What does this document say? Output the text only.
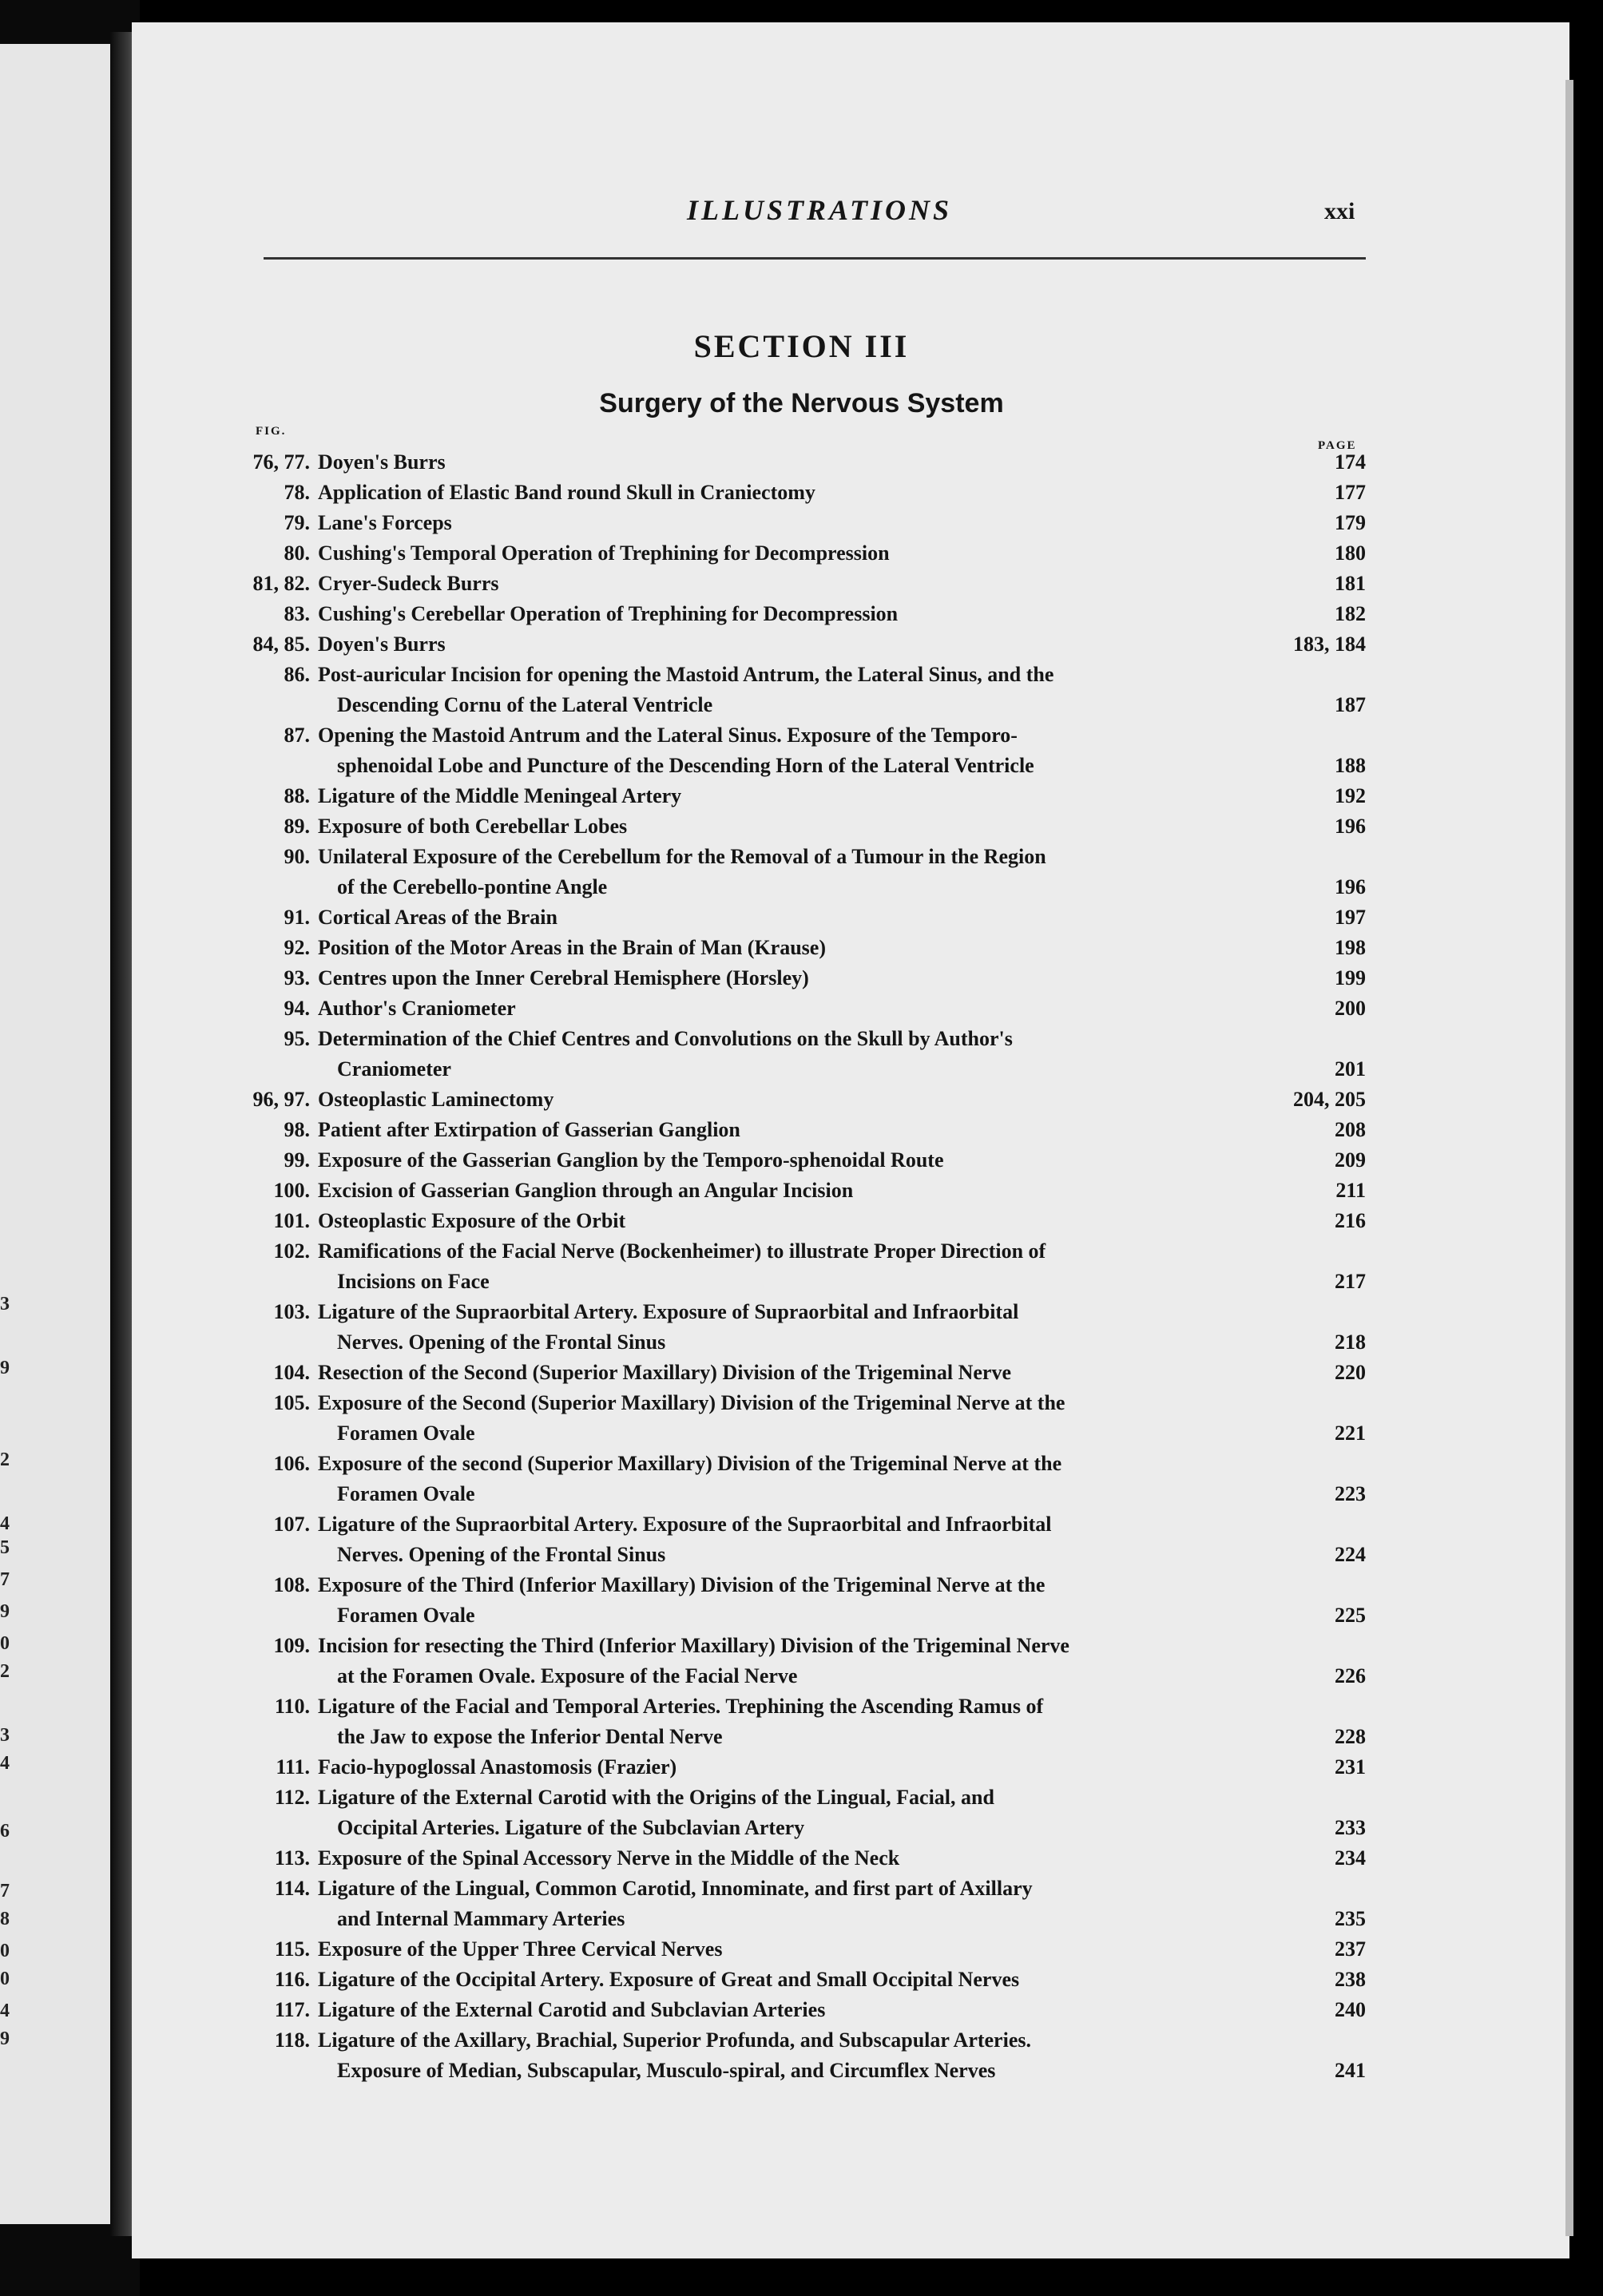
3
9
2
4
5
7
9
0
2
3
4
6
7
8
0
0
4
9
ILLUSTRATIONS	xxi
SECTION III
Surgery of the Nervous System
FIG.
PAGE
76, 77. Doyen's Burrs	174
78. Application of Elastic Band round Skull in Craniectomy	177
79. Lane's Forceps	179
80. Cushing's Temporal Operation of Trephining for Decompression	180
81, 82. Cryer-Sudeck Burrs	181
83. Cushing's Cerebellar Operation of Trephining for Decompression	182
84, 85. Doyen's Burrs	183, 184
86. Post-auricular Incision for opening the Mastoid Antrum, the Lateral Sinus, and the
Descending Cornu of the Lateral Ventricle	187
87. Opening the Mastoid Antrum and the Lateral Sinus. Exposure of the Temporo-
sphenoidal Lobe and Puncture of the Descending Horn of the Lateral Ventricle	188
88. Ligature of the Middle Meningeal Artery	192
89. Exposure of both Cerebellar Lobes	196
90. Unilateral Exposure of the Cerebellum for the Removal of a Tumour in the Region
of the Cerebello-pontine Angle	196
91. Cortical Areas of the Brain	197
92. Position of the Motor Areas in the Brain of Man (Krause)	198
93. Centres upon the Inner Cerebral Hemisphere (Horsley)	199
94. Author's Craniometer	200
95. Determination of the Chief Centres and Convolutions on the Skull by Author's
Craniometer	201
96, 97. Osteoplastic Laminectomy	204, 205
98. Patient after Extirpation of Gasserian Ganglion	208
99. Exposure of the Gasserian Ganglion by the Temporo-sphenoidal Route	209
100. Excision of Gasserian Ganglion through an Angular Incision	211
101. Osteoplastic Exposure of the Orbit	216
102. Ramifications of the Facial Nerve (Bockenheimer) to illustrate Proper Direction of
Incisions on Face	217
103. Ligature of the Supraorbital Artery. Exposure of Supraorbital and Infraorbital
Nerves. Opening of the Frontal Sinus	218
104. Resection of the Second (Superior Maxillary) Division of the Trigeminal Nerve	220
105. Exposure of the Second (Superior Maxillary) Division of the Trigeminal Nerve at the
Foramen Ovale	221
106. Exposure of the second (Superior Maxillary) Division of the Trigeminal Nerve at the
Foramen Ovale	223
107. Ligature of the Supraorbital Artery. Exposure of the Supraorbital and Infraorbital
Nerves. Opening of the Frontal Sinus	224
108. Exposure of the Third (Inferior Maxillary) Division of the Trigeminal Nerve at the
Foramen Ovale	225
109. Incision for resecting the Third (Inferior Maxillary) Division of the Trigeminal Nerve
at the Foramen Ovale. Exposure of the Facial Nerve	226
110. Ligature of the Facial and Temporal Arteries. Trephining the Ascending Ramus of
the Jaw to expose the Inferior Dental Nerve	228
111. Facio-hypoglossal Anastomosis (Frazier)	231
112. Ligature of the External Carotid with the Origins of the Lingual, Facial, and
Occipital Arteries. Ligature of the Subclavian Artery	233
113. Exposure of the Spinal Accessory Nerve in the Middle of the Neck	234
114. Ligature of the Lingual, Common Carotid, Innominate, and first part of Axillary
and Internal Mammary Arteries	235
115. Exposure of the Upper Three Cervical Nerves	237
116. Ligature of the Occipital Artery. Exposure of Great and Small Occipital Nerves	238
117. Ligature of the External Carotid and Subclavian Arteries	240
118. Ligature of the Axillary, Brachial, Superior Profunda, and Subscapular Arteries.
Exposure of Median, Subscapular, Musculo-spiral, and Circumflex Nerves	241
